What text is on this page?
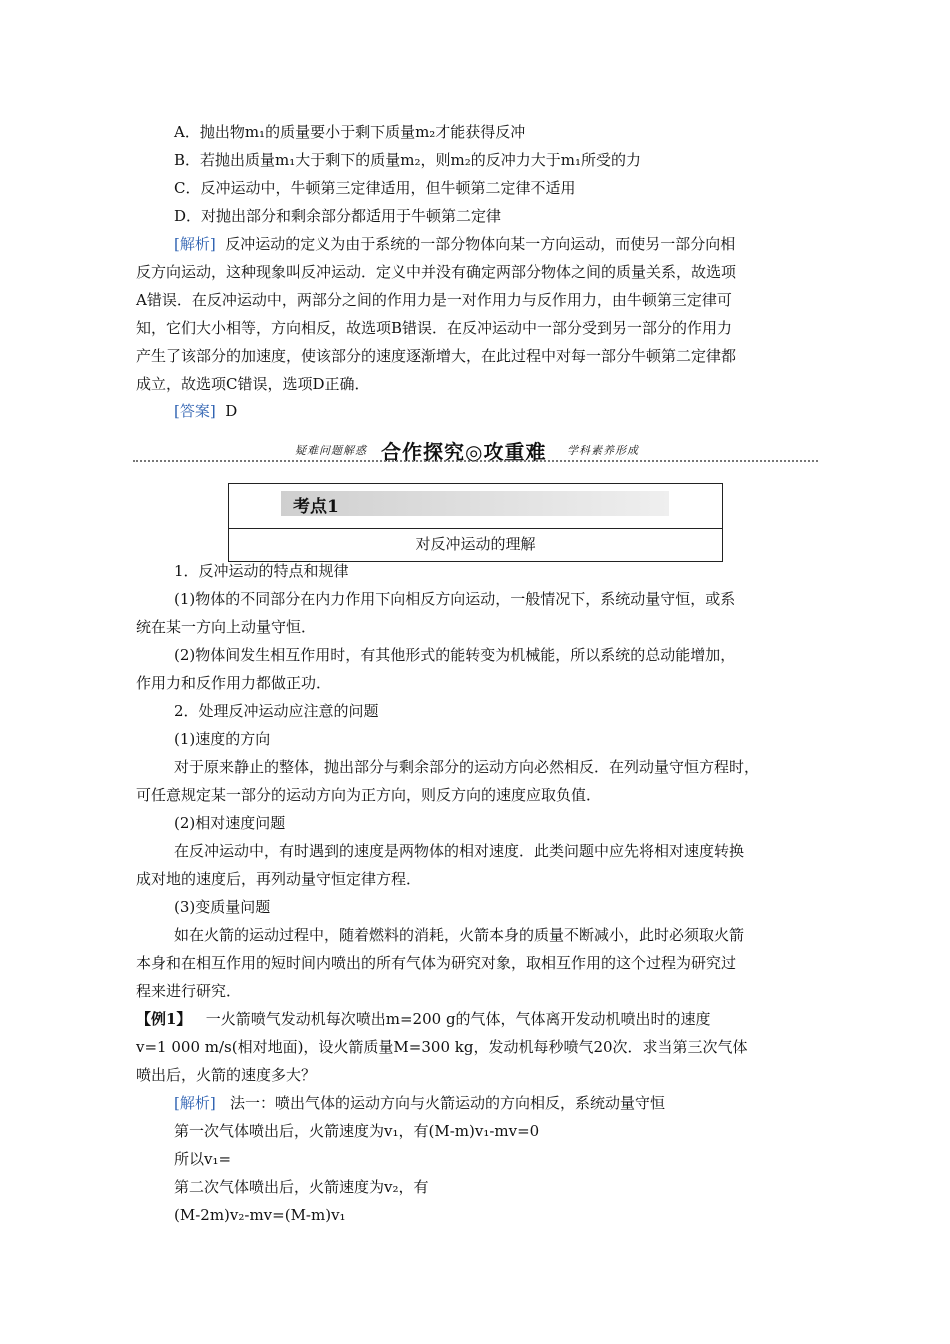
A．抛出物m₁的质量要小于剩下质量m₂才能获得反冲
B．若抛出质量m₁大于剩下的质量m₂，则m₂的反冲力大于m₁所受的力
C．反冲运动中，牛顿第三定律适用，但牛顿第二定律不适用
D．对抛出部分和剩余部分都适用于牛顿第二定律
[解析] 反冲运动的定义为由于系统的一部分物体向某一方向运动，而使另一部分向相
反方向运动，这种现象叫反冲运动．定义中并没有确定两部分物体之间的质量关系，故选项
A错误．在反冲运动中，两部分之间的作用力是一对作用力与反作用力，由牛顿第三定律可
知，它们大小相等，方向相反，故选项B错误．在反冲运动中一部分受到另一部分的作用力
产生了该部分的加速度，使该部分的速度逐渐增大，在此过程中对每一部分牛顿第二定律都
成立，故选项C错误，选项D正确．
[答案] D
疑难问题解惑 合作探究◎攻重难 学科素养形成
考点1
对反冲运动的理解
1．反冲运动的特点和规律
(1)物体的不同部分在内力作用下向相反方向运动，一般情况下，系统动量守恒，或系
统在某一方向上动量守恒．
(2)物体间发生相互作用时，有其他形式的能转变为机械能，所以系统的总动能增加，
作用力和反作用力都做正功．
2．处理反冲运动应注意的问题
(1)速度的方向
对于原来静止的整体，抛出部分与剩余部分的运动方向必然相反．在列动量守恒方程时，
可任意规定某一部分的运动方向为正方向，则反方向的速度应取负值．
(2)相对速度问题
在反冲运动中，有时遇到的速度是两物体的相对速度．此类问题中应先将相对速度转换
成对地的速度后，再列动量守恒定律方程．
(3)变质量问题
如在火箭的运动过程中，随着燃料的消耗，火箭本身的质量不断减小，此时必须取火箭
本身和在相互作用的短时间内喷出的所有气体为研究对象，取相互作用的这个过程为研究过
程来进行研究．
【例1】 一火箭喷气发动机每次喷出m=200 g的气体，气体离开发动机喷出时的速度
v=1 000 m/s(相对地面)，设火箭质量M=300 kg，发动机每秒喷气20次．求当第三次气体
喷出后，火箭的速度多大？
[解析] 法一：喷出气体的运动方向与火箭运动的方向相反，系统动量守恒
第一次气体喷出后，火箭速度为v₁，有(M-m)v₁-mv=0
所以v₁=
第二次气体喷出后，火箭速度为v₂，有
(M-2m)v₂-mv=(M-m)v₁
